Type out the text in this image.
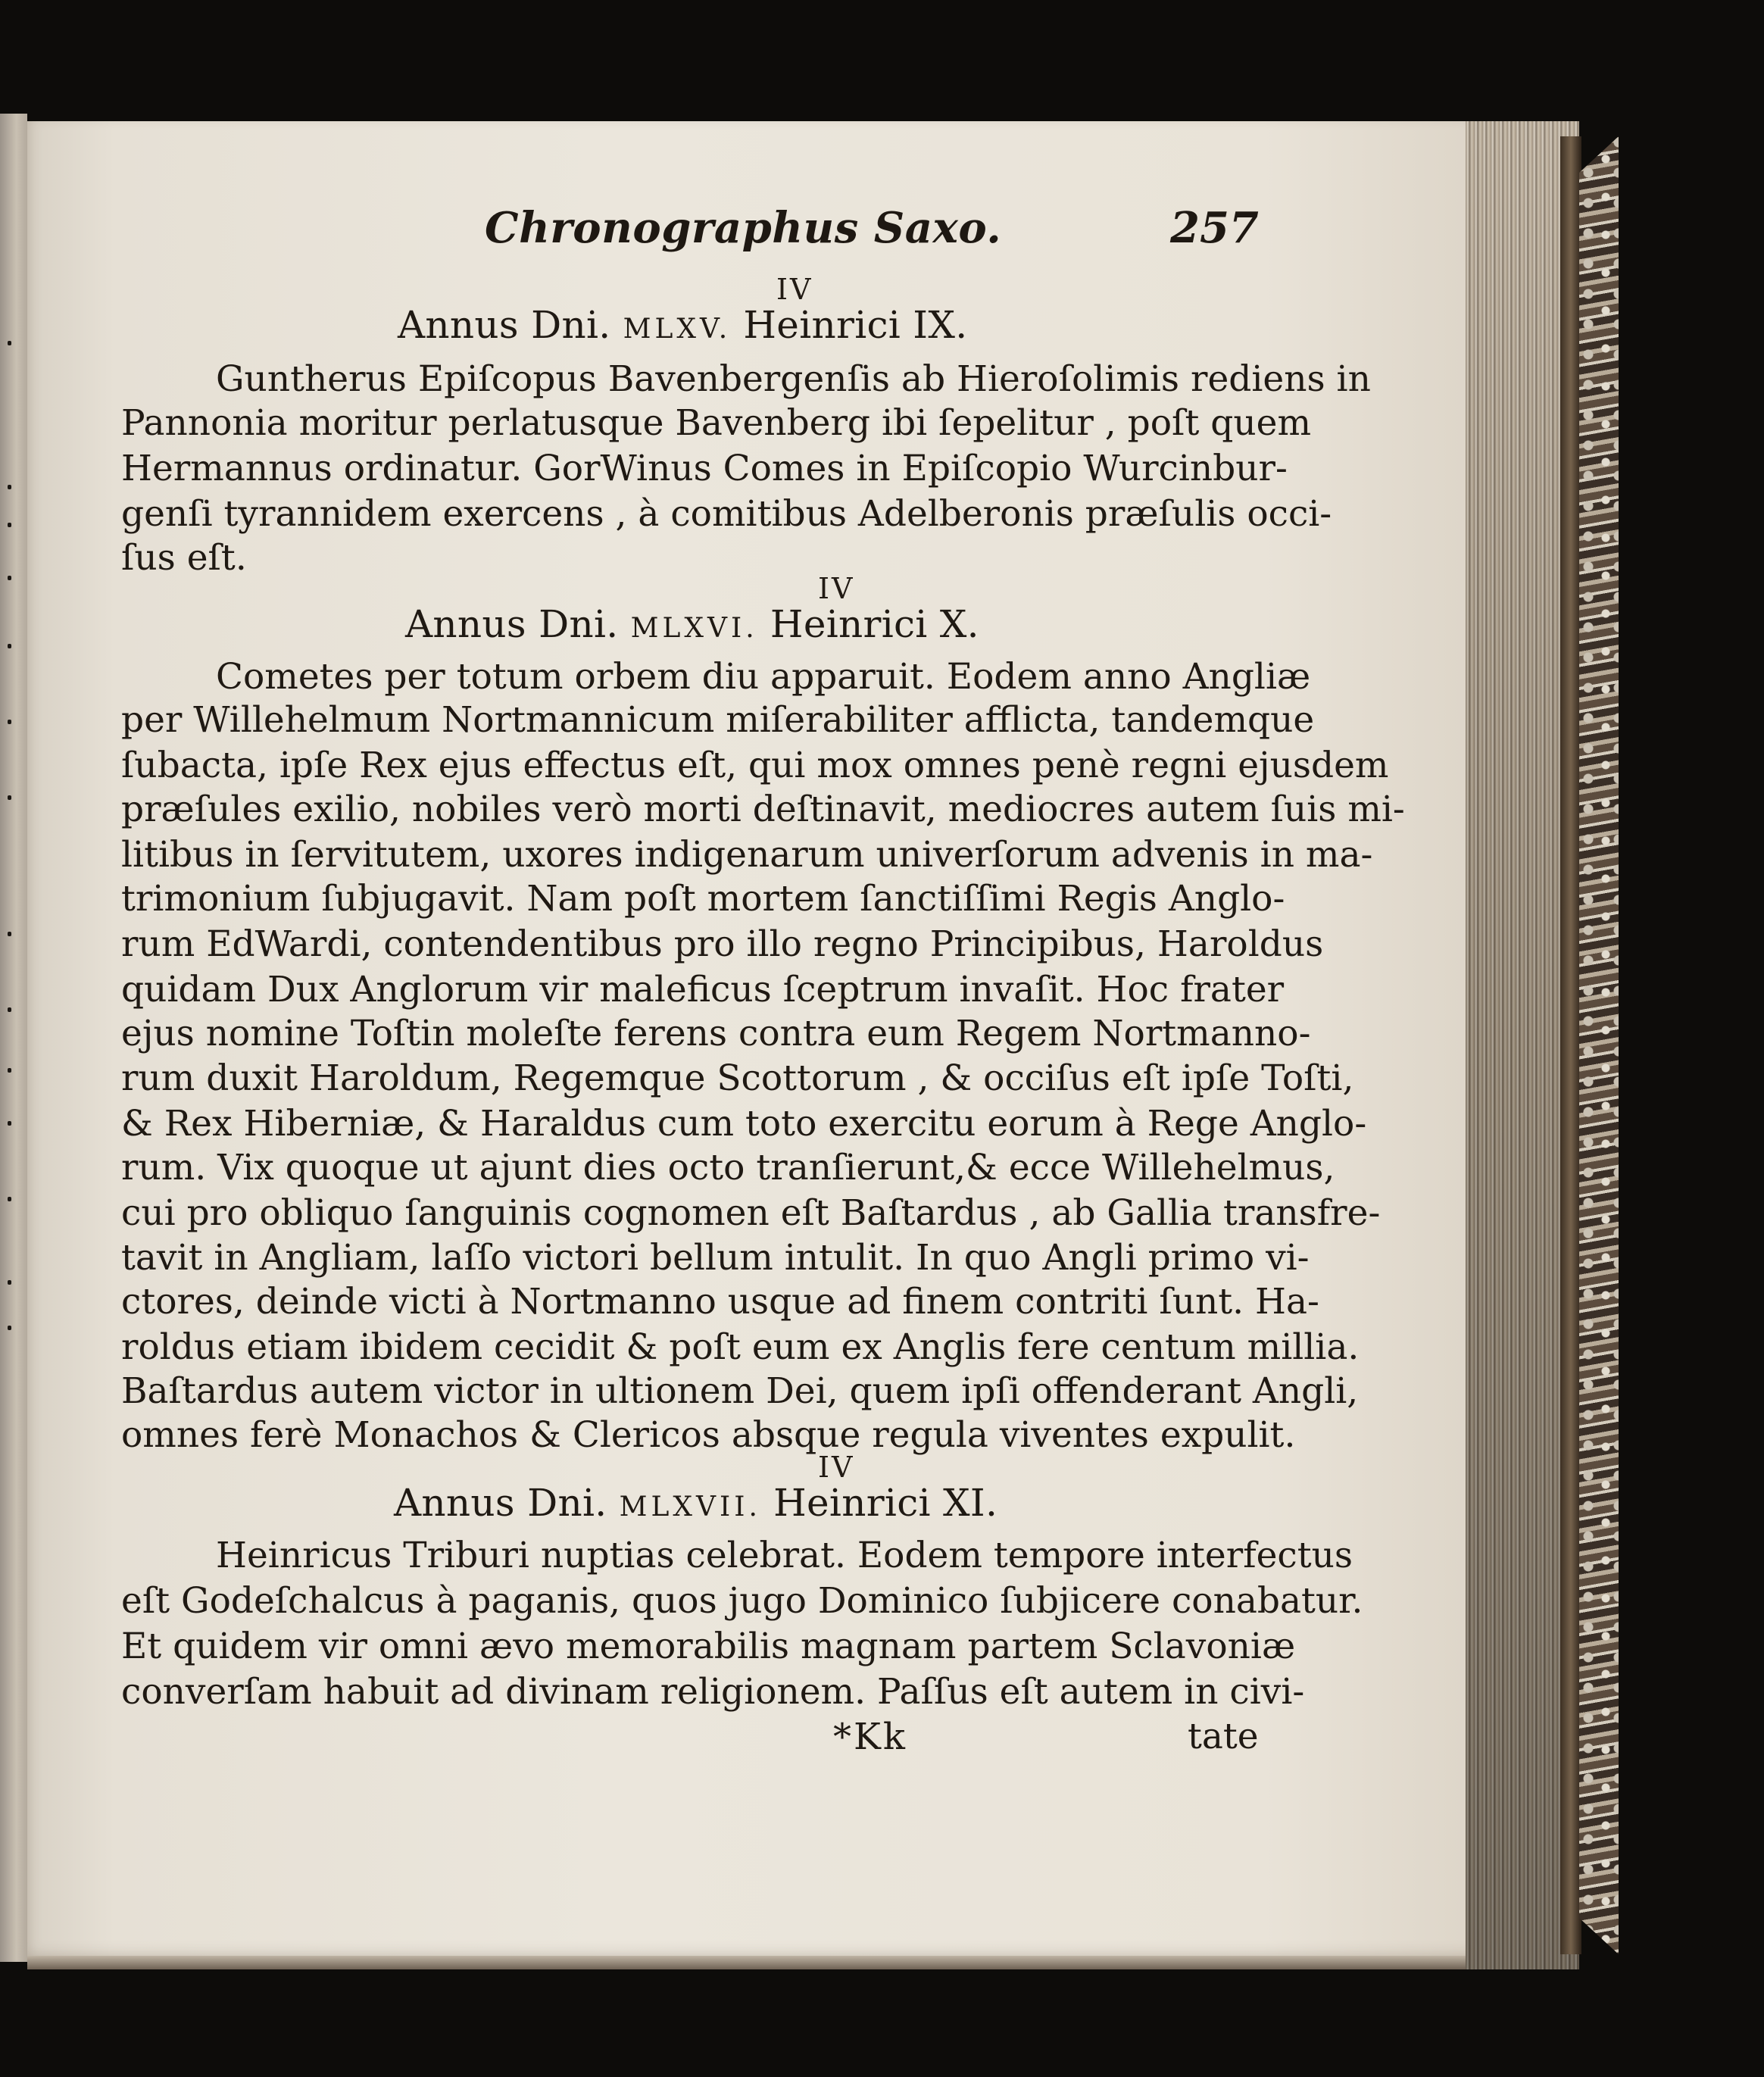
Chronographus Saxo.	257
IV
Annus Dni. MLXV. Heinrici IX.
Guntherus Epiſcopus Bavenbergenſis ab Hieroſolimis rediens in
Pannonia moritur perlatusque Bavenberg ibi ſepelitur , poſt quem
Hermannus ordinatur. GorWinus Comes in Epiſcopio Wurcinbur-
genſi tyrannidem exercens , à comitibus Adelberonis præſulis occi-
ſus eſt.
IV
Annus Dni. MLXVI. Heinrici X.
Cometes per totum orbem diu apparuit. Eodem anno Angliæ
per Willehelmum Nortmannicum miſerabiliter afflicta, tandemque
ſubacta, ipſe Rex ejus effectus eſt, qui mox omnes penè regni ejusdem
præſules exilio, nobiles verò morti deſtinavit, mediocres autem ſuis mi-
litibus in ſervitutem, uxores indigenarum univerſorum advenis in ma-
trimonium ſubjugavit. Nam poſt mortem ſanctiſſimi Regis Anglo-
rum EdWardi, contendentibus pro illo regno Principibus, Haroldus
quidam Dux Anglorum vir maleficus ſceptrum invaſit. Hoc frater
ejus nomine Toſtin moleſte ferens contra eum Regem Nortmanno-
rum duxit Haroldum, Regemque Scottorum , & occiſus eſt ipſe Toſti,
& Rex Hiberniæ, & Haraldus cum toto exercitu eorum à Rege Anglo-
rum. Vix quoque ut ajunt dies octo tranſierunt,& ecce Willehelmus,
cui pro obliquo ſanguinis cognomen eſt Baſtardus , ab Gallia transfre-
tavit in Angliam, laſſo victori bellum intulit. In quo Angli primo vi-
ctores, deinde victi à Nortmanno usque ad finem contriti ſunt. Ha-
roldus etiam ibidem cecidit & poſt eum ex Anglis fere centum millia.
Baſtardus autem victor in ultionem Dei, quem ipſi offenderant Angli,
omnes ferè Monachos & Clericos absque regula viventes expulit.
IV
Annus Dni. MLXVII. Heinrici XI.
Heinricus Triburi nuptias celebrat. Eodem tempore interfectus
eſt Godeſchalcus à paganis, quos jugo Dominico ſubjicere conabatur.
Et quidem vir omni ævo memorabilis magnam partem Sclavoniæ
converſam habuit ad divinam religionem. Paſſus eſt autem in civi-
*Kk	tate
